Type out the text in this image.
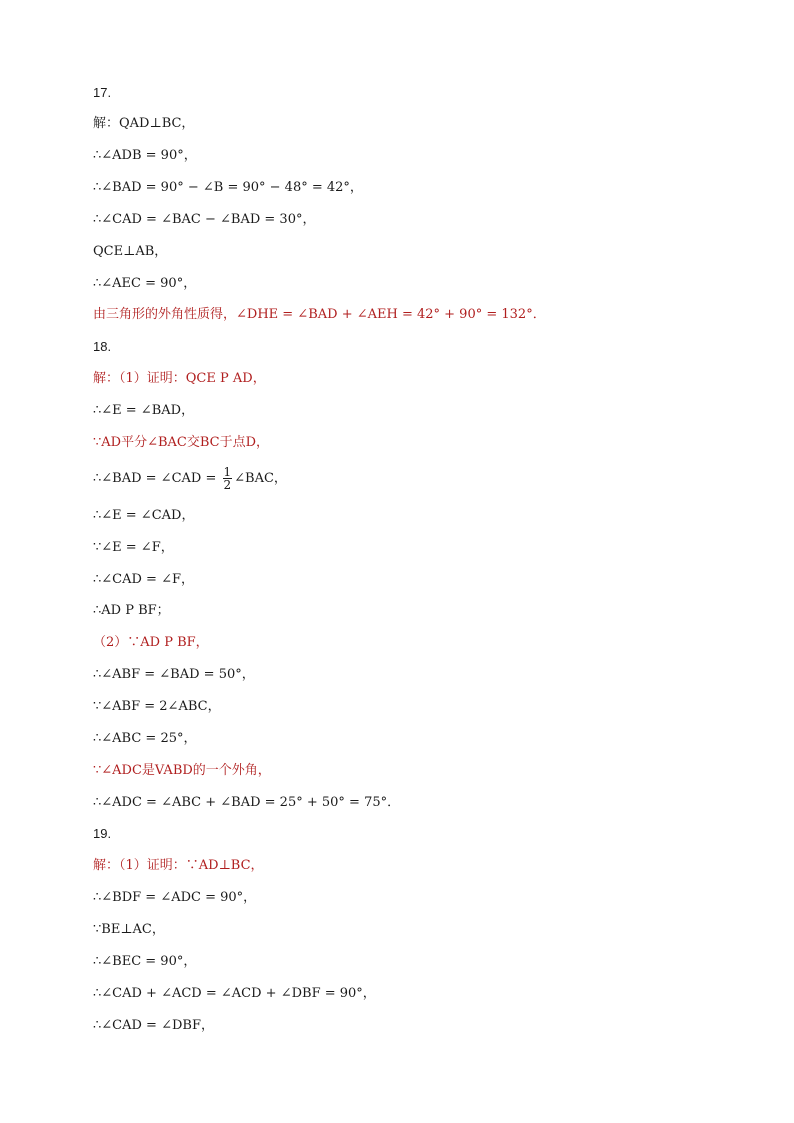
17.
解：QAD⊥BC，
∴∠ADB = 90°，
∴∠BAD = 90° − ∠B = 90° − 48° = 42°，
∴∠CAD = ∠BAC − ∠BAD = 30°，
QCE⊥AB，
∴∠AEC = 90°，
由三角形的外角性质得，∠DHE = ∠BAD + ∠AEH = 42° + 90° = 132°．
18.
解：（1）证明：QCE P AD，
∴∠E = ∠BAD，
∵AD平分∠BAC交BC于点D，
∴∠BAD = ∠CAD = $\frac{1}{2}$ ∠BAC，
∴∠E = ∠CAD，
∵∠E = ∠F，
∴∠CAD = ∠F，
∴AD P BF；
（2）∵AD P BF，
∴∠ABF = ∠BAD = 50°，
∵∠ABF = 2∠ABC，
∴∠ABC = 25°，
∵∠ADC是VABD的一个外角，
∴∠ADC = ∠ABC + ∠BAD = 25° + 50° = 75°．
19.
解：（1）证明：∵AD⊥BC，
∴∠BDF = ∠ADC = 90°，
∵BE⊥AC，
∴∠BEC = 90°，
∴∠CAD + ∠ACD = ∠ACD + ∠DBF = 90°，
∴∠CAD = ∠DBF，
